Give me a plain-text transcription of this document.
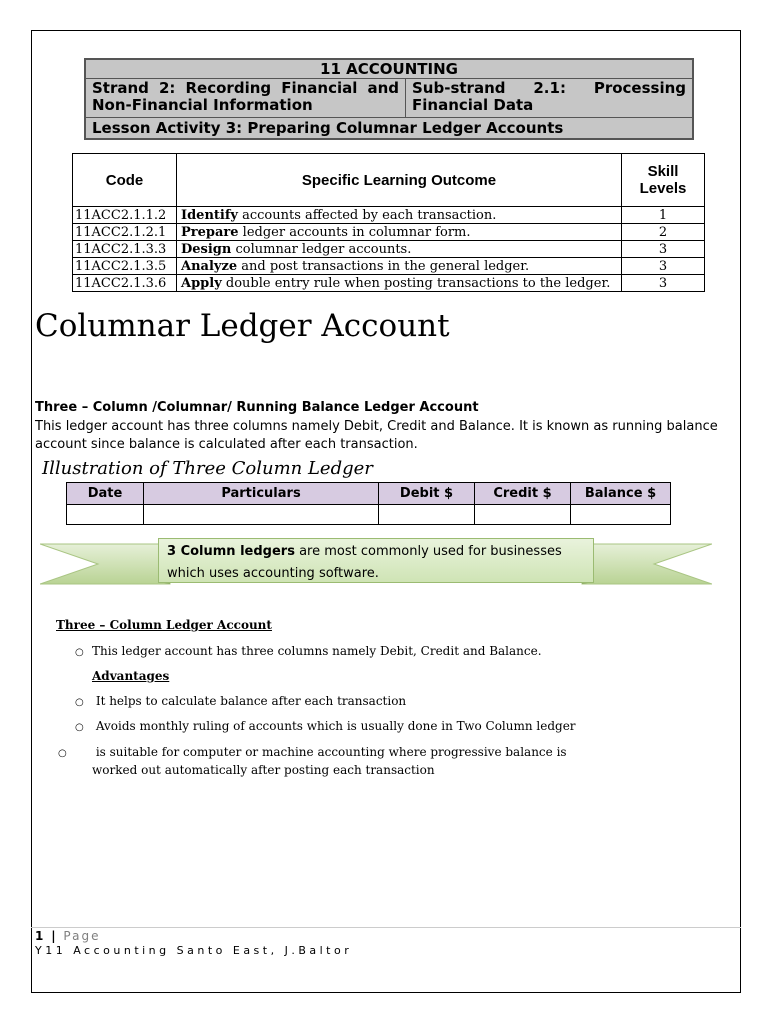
11 ACCOUNTING
Strand 2: Recording Financial and Non-Financial Information
Sub-strand 2.1: Processing Financial Data
Lesson Activity 3: Preparing Columnar Ledger Accounts
Code	Specific Learning Outcome	Skill Levels
11ACC2.1.1.2	Identify accounts affected by each transaction.	1
11ACC2.1.2.1	Prepare ledger accounts in columnar form.	2
11ACC2.1.3.3	Design columnar ledger accounts.	3
11ACC2.1.3.5	Analyze and post transactions in the general ledger.	3
11ACC2.1.3.6	Apply double entry rule when posting transactions to the ledger.	3
Columnar Ledger Account
Three – Column /Columnar/ Running Balance Ledger Account
This ledger account has three columns namely Debit, Credit and Balance. It is known as running balance account since balance is calculated after each transaction.
Illustration of Three Column Ledger
Date	Particulars	Debit $	Credit $	Balance $

3 Column ledgers are most commonly used for businesses which uses accounting software.
Three – Column Ledger Account
○ This ledger account has three columns namely Debit, Credit and Balance.
Advantages
○ It helps to calculate balance after each transaction
○ Avoids monthly ruling of accounts which is usually done in Two Column ledger
○ is suitable for computer or machine accounting where progressive balance is worked out automatically after posting each transaction
1 | Page
Y11 Accounting Santo East, J.Baltor
